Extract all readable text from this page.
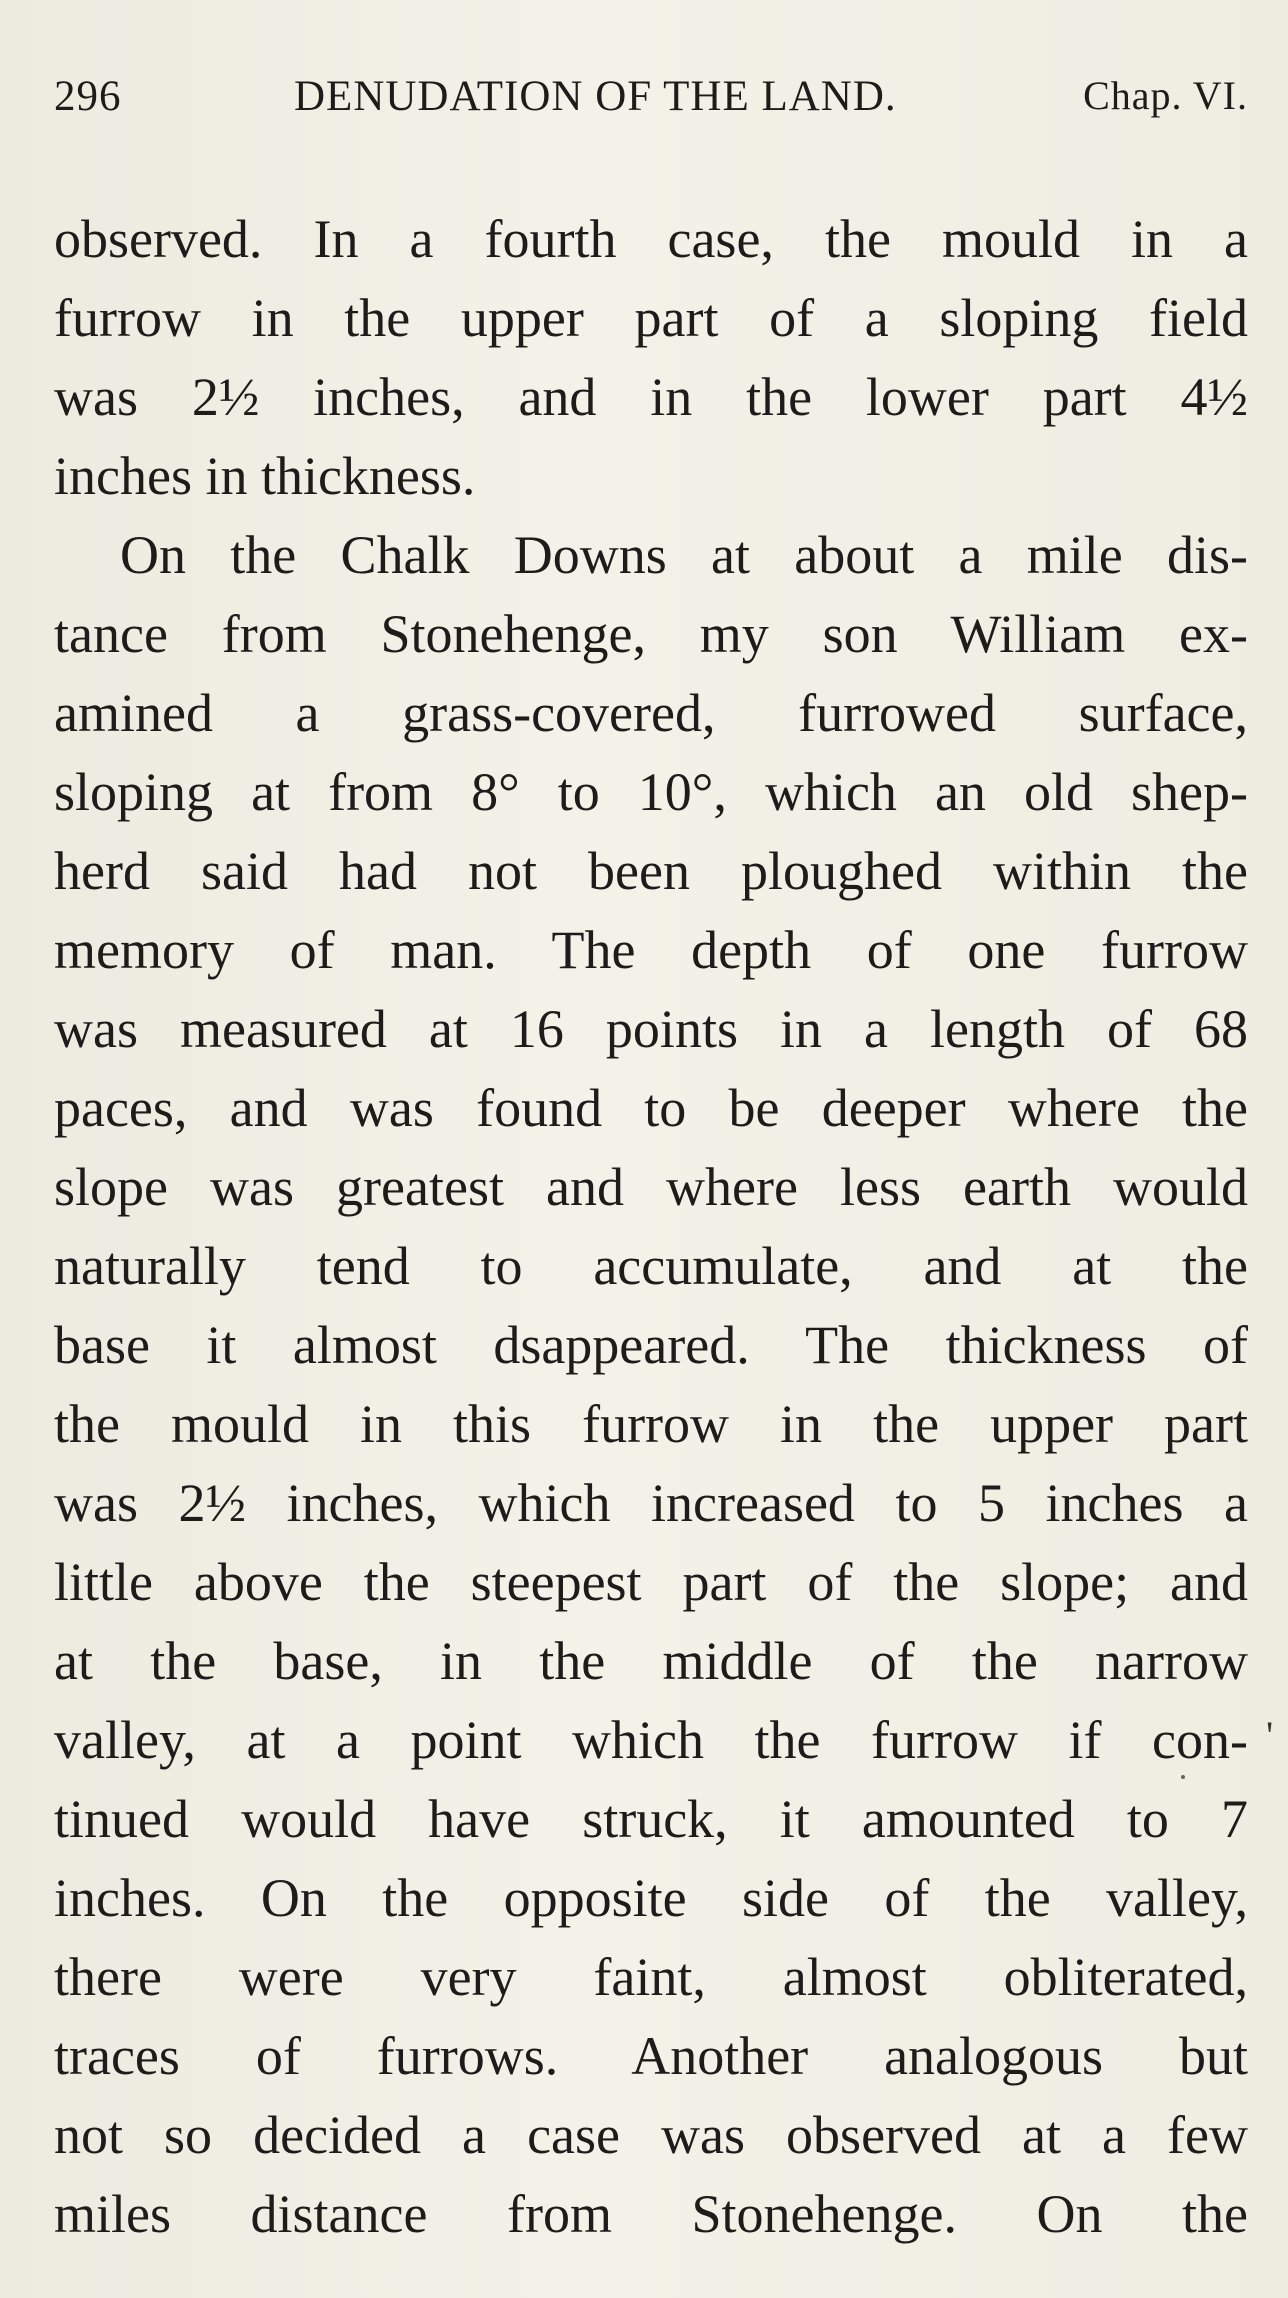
296	DENUDATION OF THE LAND.	Chap. VI.
observed. In a fourth case, the mould in a
furrow in the upper part of a sloping field
was 2½ inches, and in the lower part 4½
inches in thickness.
On the Chalk Downs at about a mile dis-
tance from Stonehenge, my son William ex-
amined a grass-covered, furrowed surface,
sloping at from 8° to 10°, which an old shep-
herd said had not been ploughed within the
memory of man. The depth of one furrow
was measured at 16 points in a length of 68
paces, and was found to be deeper where the
slope was greatest and where less earth would
naturally tend to accumulate, and at the
base it almost dsappeared. The thickness of
the mould in this furrow in the upper part
was 2½ inches, which increased to 5 inches a
little above the steepest part of the slope; and
at the base, in the middle of the narrow
valley, at a point which the furrow if con-
tinued would have struck, it amounted to 7
inches. On the opposite side of the valley,
there were very faint, almost obliterated,
traces of furrows. Another analogous but
not so decided a case was observed at a few
miles distance from Stonehenge. On the
'
